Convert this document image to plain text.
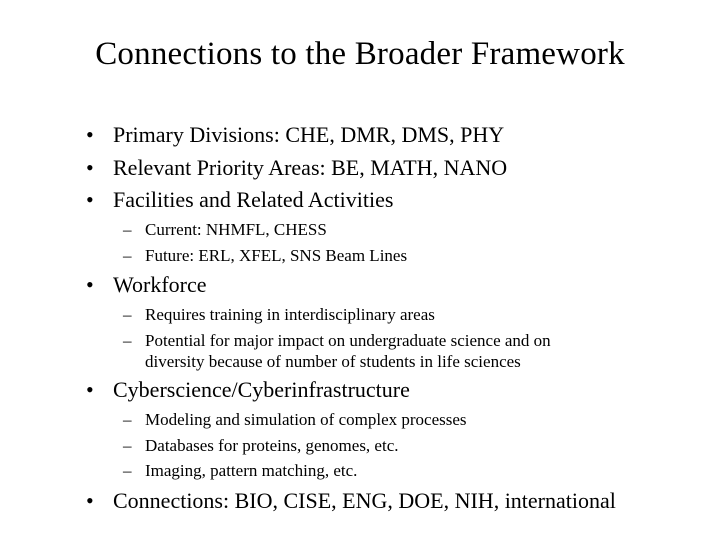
Connections to the Broader Framework
• Primary Divisions: CHE, DMR, DMS, PHY
• Relevant Priority Areas: BE, MATH, NANO
• Facilities and Related Activities
– Current: NHMFL, CHESS
– Future: ERL, XFEL, SNS Beam Lines
• Workforce
– Requires training in interdisciplinary areas
– Potential for major impact on undergraduate science and on
diversity because of number of students in life sciences
• Cyberscience/Cyberinfrastructure
– Modeling and simulation of complex processes
– Databases for proteins, genomes, etc.
– Imaging, pattern matching, etc.
• Connections: BIO, CISE, ENG, DOE, NIH, international
